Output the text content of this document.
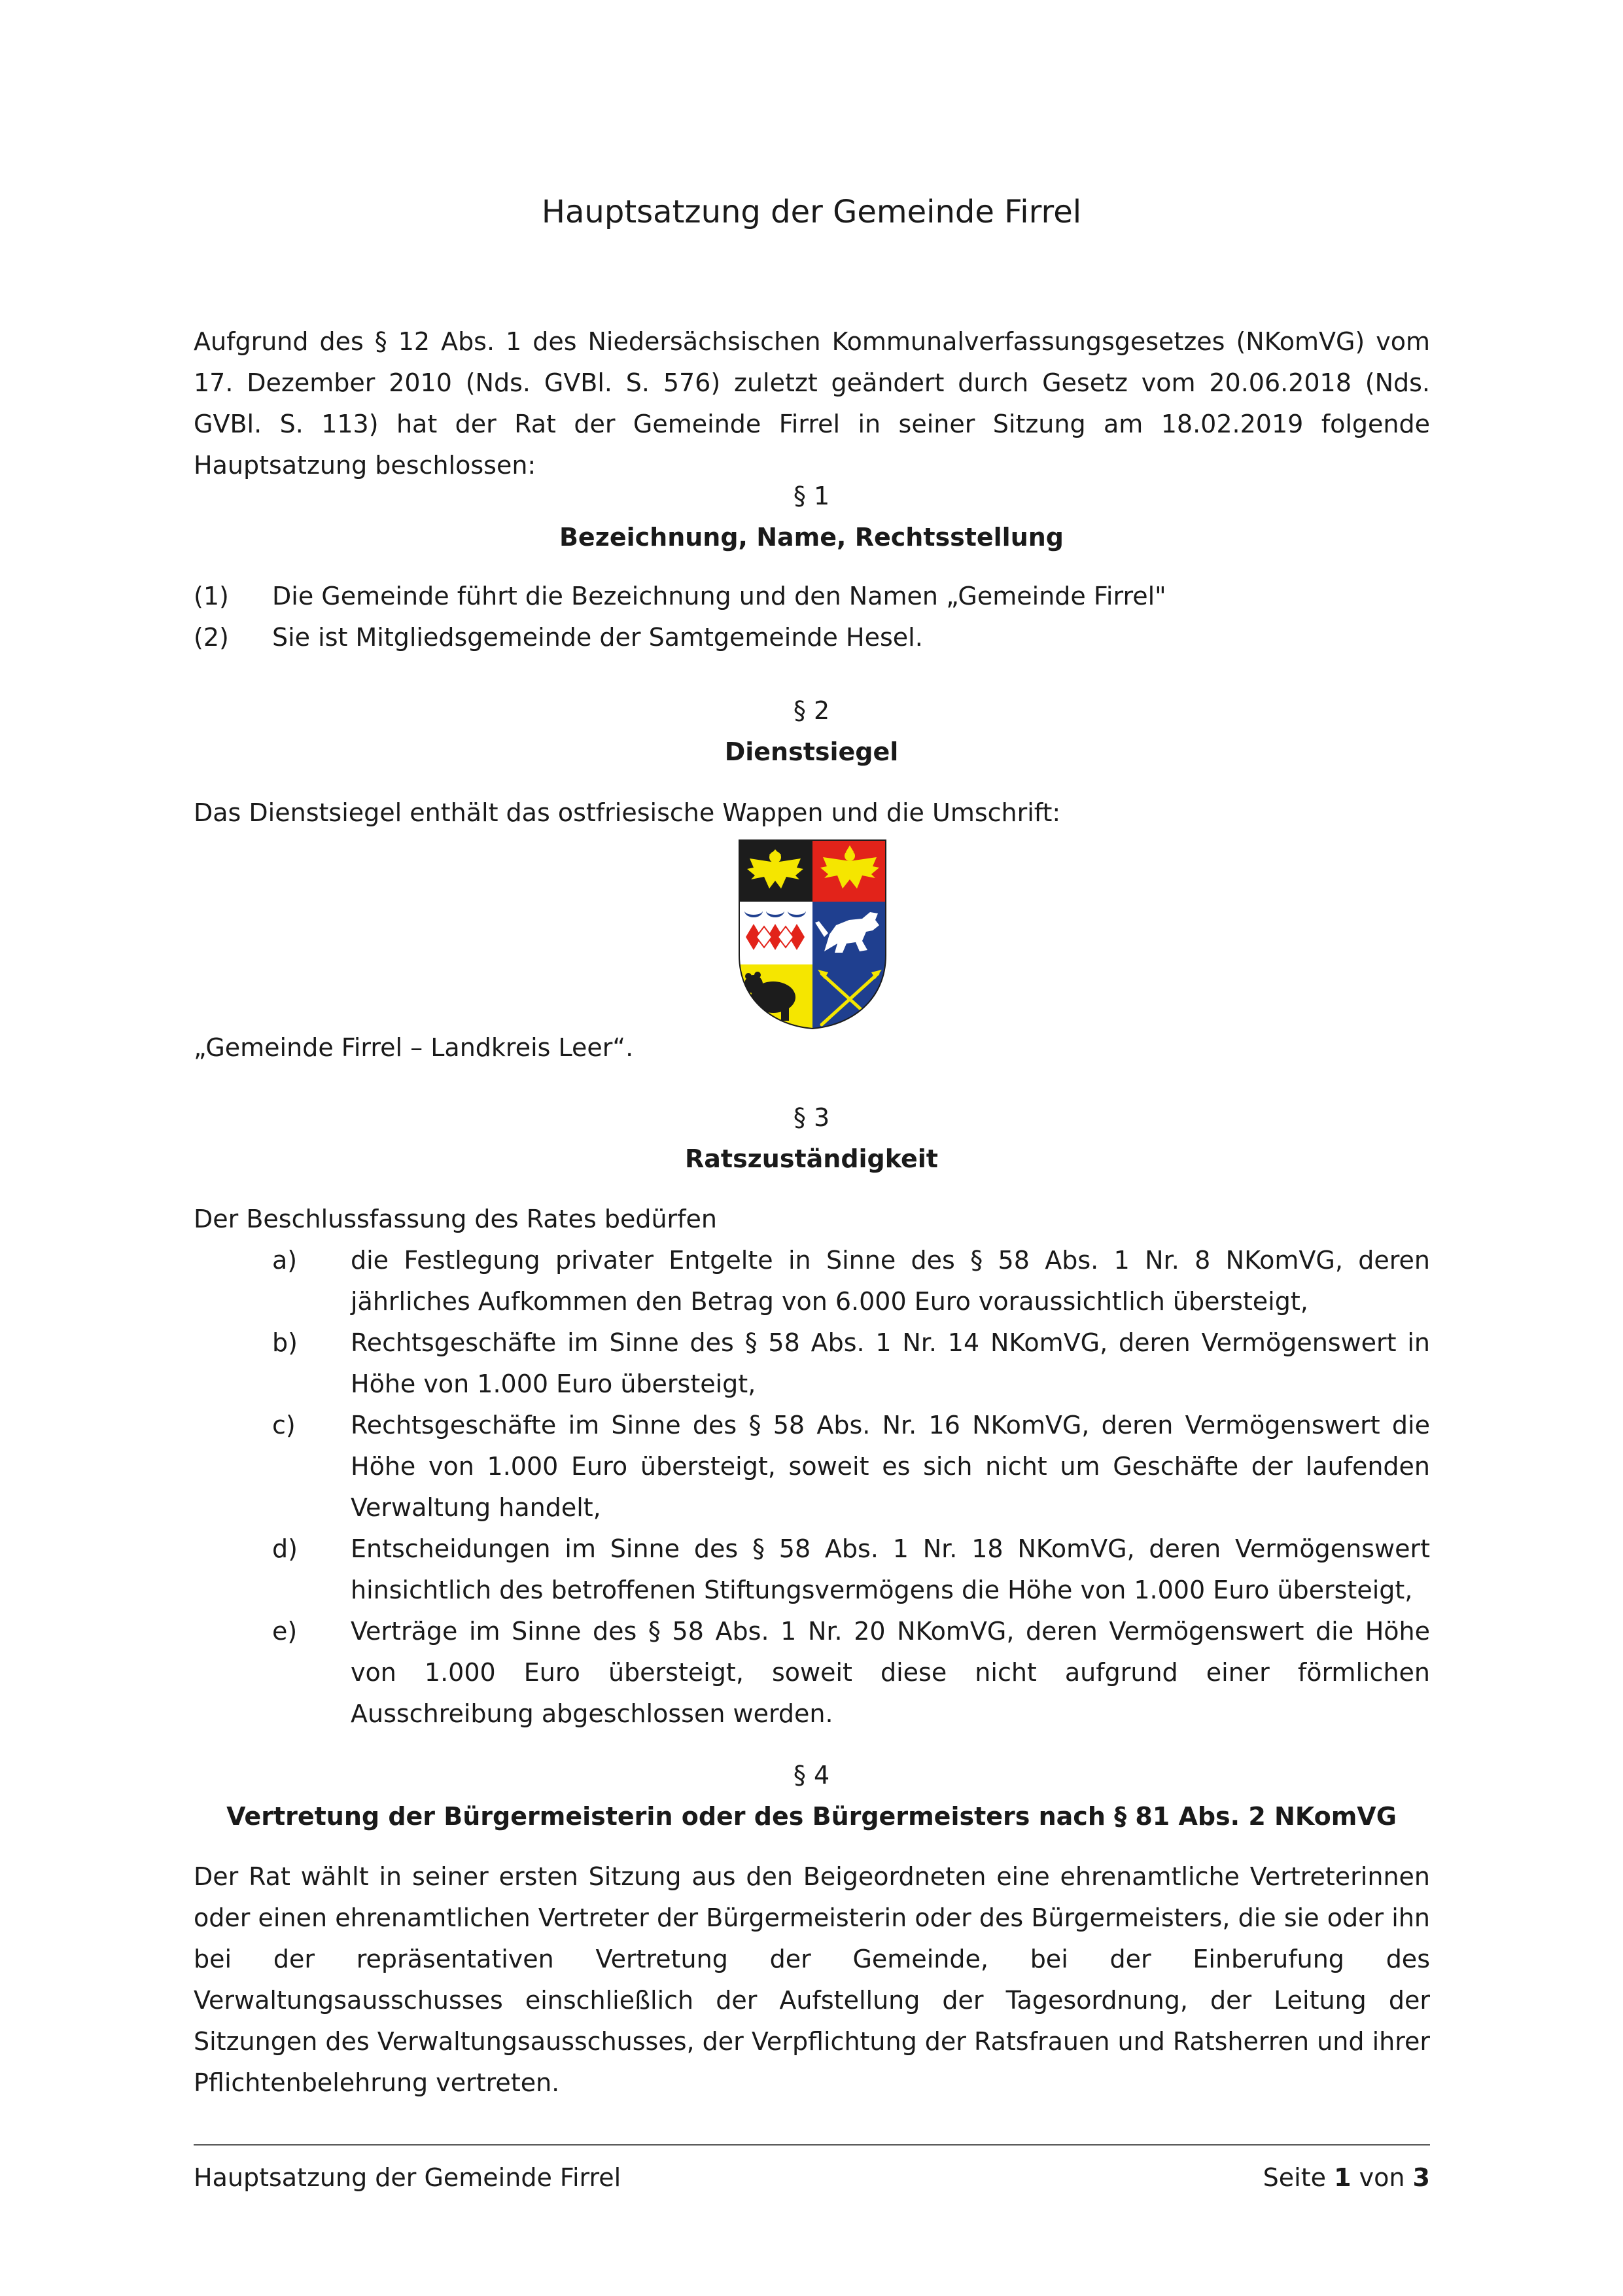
Hauptsatzung der Gemeinde Firrel
Aufgrund des § 12 Abs. 1 des Niedersächsischen Kommunalverfassungsgesetzes (NKomVG) vom 17. Dezember 2010 (Nds. GVBl. S. 576) zuletzt geändert durch Gesetz vom 20.06.2018 (Nds. GVBl. S. 113) hat der Rat der Gemeinde Firrel in seiner Sitzung am 18.02.2019 folgende Hauptsatzung beschlossen:
§ 1
Bezeichnung, Name, Rechtsstellung
(1) Die Gemeinde führt die Bezeichnung und den Namen „Gemeinde Firrel"
(2) Sie ist Mitgliedsgemeinde der Samtgemeinde Hesel.
§ 2
Dienstsiegel
Das Dienstsiegel enthält das ostfriesische Wappen und die Umschrift:
„Gemeinde Firrel – Landkreis Leer“.
§ 3
Ratszuständigkeit
Der Beschlussfassung des Rates bedürfen
a) die Festlegung privater Entgelte in Sinne des § 58 Abs. 1 Nr. 8 NKomVG, deren jährliches Aufkommen den Betrag von 6.000 Euro voraussichtlich übersteigt,
b) Rechtsgeschäfte im Sinne des § 58 Abs. 1 Nr. 14 NKomVG, deren Vermögenswert in Höhe von 1.000 Euro übersteigt,
c) Rechtsgeschäfte im Sinne des § 58 Abs. Nr. 16 NKomVG, deren Vermögenswert die Höhe von 1.000 Euro übersteigt, soweit es sich nicht um Geschäfte der laufenden Verwaltung handelt,
d) Entscheidungen im Sinne des § 58 Abs. 1 Nr. 18 NKomVG, deren Vermögenswert hinsichtlich des betroffenen Stiftungsvermögens die Höhe von 1.000 Euro übersteigt,
e) Verträge im Sinne des § 58 Abs. 1 Nr. 20 NKomVG, deren Vermögenswert die Höhe von 1.000 Euro übersteigt, soweit diese nicht aufgrund einer förmlichen Ausschreibung abgeschlossen werden.
§ 4
Vertretung der Bürgermeisterin oder des Bürgermeisters nach § 81 Abs. 2 NKomVG
Der Rat wählt in seiner ersten Sitzung aus den Beigeordneten eine ehrenamtliche Vertreterinnen oder einen ehrenamtlichen Vertreter der Bürgermeisterin oder des Bürgermeisters, die sie oder ihn bei der repräsentativen Vertretung der Gemeinde, bei der Einberufung des Verwaltungsausschusses einschließlich der Aufstellung der Tagesordnung, der Leitung der Sitzungen des Verwaltungsausschusses, der Verpflichtung der Ratsfrauen und Ratsherren und ihrer Pflichtenbelehrung vertreten.
Hauptsatzung der Gemeinde Firrel	Seite 1 von 3
